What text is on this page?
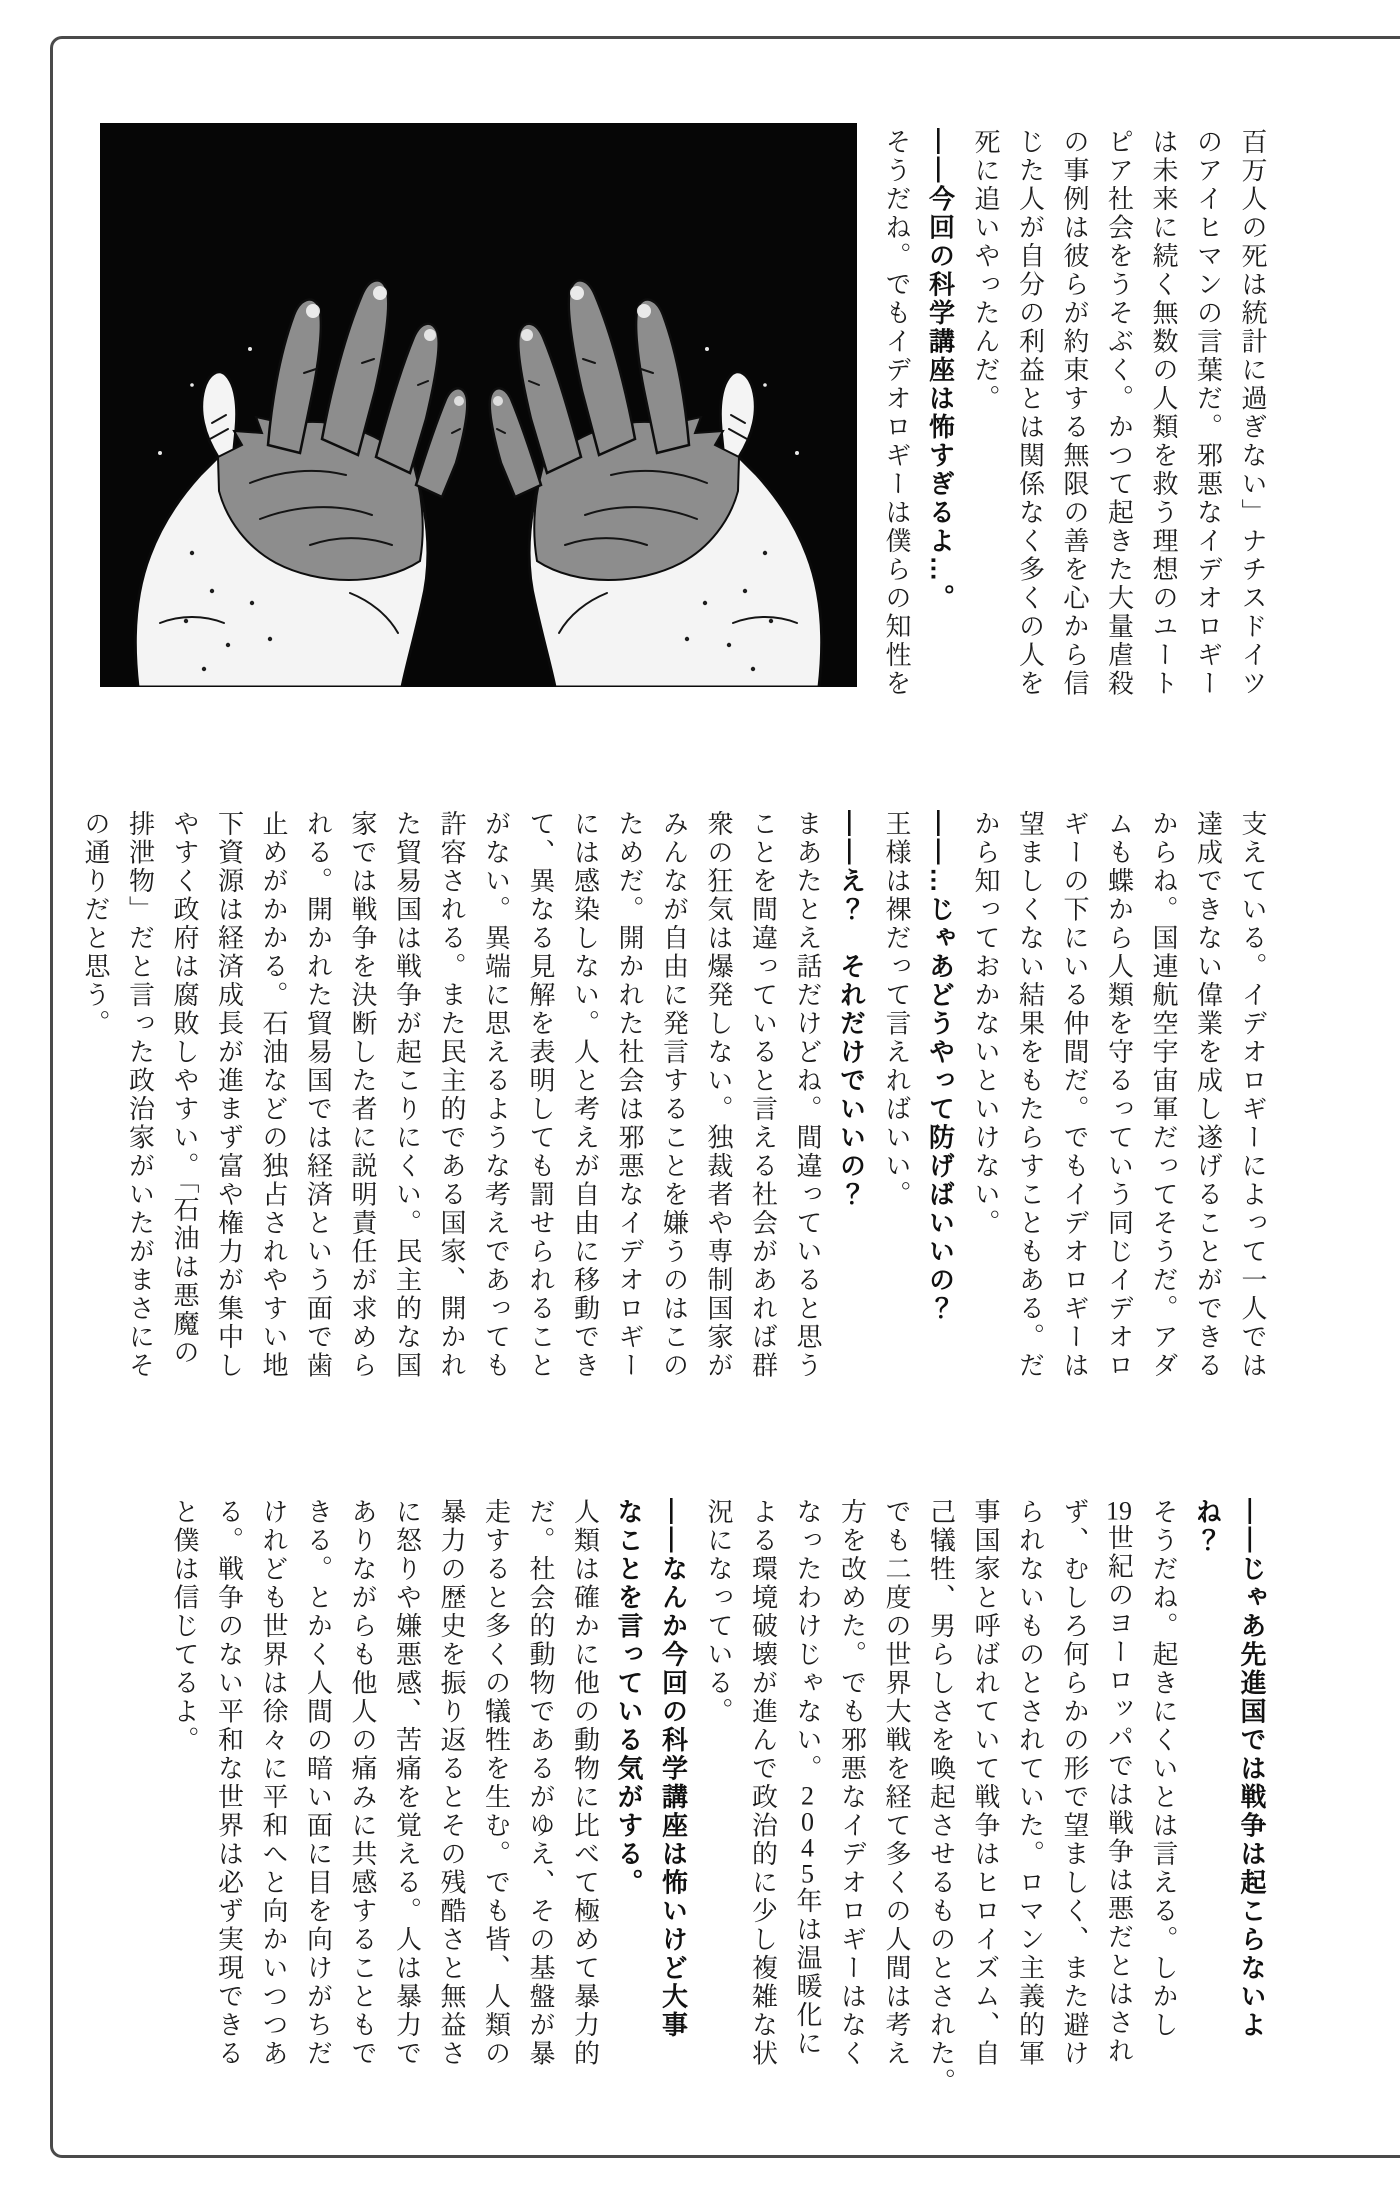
百万人の死は統計に過ぎない」ナチスドイツ
のアイヒマンの言葉だ。邪悪なイデオロギー
は未来に続く無数の人類を救う理想のユート
ピア社会をうそぶく。かつて起きた大量虐殺
の事例は彼らが約束する無限の善を心から信
じた人が自分の利益とは関係なく多くの人を
死に追いやったんだ。
――今回の科学講座は怖すぎるよ…。
そうだね。でもイデオロギーは僕らの知性を
支えている。イデオロギーによって一人では
達成できない偉業を成し遂げることができる
からね。国連航空宇宙軍だってそうだ。アダ
ムも蝶から人類を守るっていう同じイデオロ
ギーの下にいる仲間だ。でもイデオロギーは
望ましくない結果をもたらすこともある。だ
から知っておかないといけない。
――…じゃあどうやって防げばいいの？
王様は裸だって言えればいい。
――え？　それだけでいいの？
まあたとえ話だけどね。間違っていると思う
ことを間違っていると言える社会があれば群
衆の狂気は爆発しない。独裁者や専制国家が
みんなが自由に発言することを嫌うのはこの
ためだ。開かれた社会は邪悪なイデオロギー
には感染しない。人と考えが自由に移動でき
て、異なる見解を表明しても罰せられること
がない。異端に思えるような考えであっても
許容される。また民主的である国家、開かれ
た貿易国は戦争が起こりにくい。民主的な国
家では戦争を決断した者に説明責任が求めら
れる。開かれた貿易国では経済という面で歯
止めがかかる。石油などの独占されやすい地
下資源は経済成長が進まず富や権力が集中し
やすく政府は腐敗しやすい。「石油は悪魔の
排泄物」だと言った政治家がいたがまさにそ
の通りだと思う。
――じゃあ先進国では戦争は起こらないよ
ね？
そうだね。起きにくいとは言える。しかし
19世紀のヨーロッパでは戦争は悪だとはされ
ず、むしろ何らかの形で望ましく、また避け
られないものとされていた。ロマン主義的軍
事国家と呼ばれていて戦争はヒロイズム、自
己犠牲、男らしさを喚起させるものとされた。
でも二度の世界大戦を経て多くの人間は考え
方を改めた。でも邪悪なイデオロギーはなく
なったわけじゃない。2045年は温暖化に
よる環境破壊が進んで政治的に少し複雑な状
況になっている。
――なんか今回の科学講座は怖いけど大事
なことを言っている気がする。
人類は確かに他の動物に比べて極めて暴力的
だ。社会的動物であるがゆえ、その基盤が暴
走すると多くの犠牲を生む。でも皆、人類の
暴力の歴史を振り返るとその残酷さと無益さ
に怒りや嫌悪感、苦痛を覚える。人は暴力で
ありながらも他人の痛みに共感することもで
きる。とかく人間の暗い面に目を向けがちだ
けれども世界は徐々に平和へと向かいつつあ
る。戦争のない平和な世界は必ず実現できる
と僕は信じてるよ。
